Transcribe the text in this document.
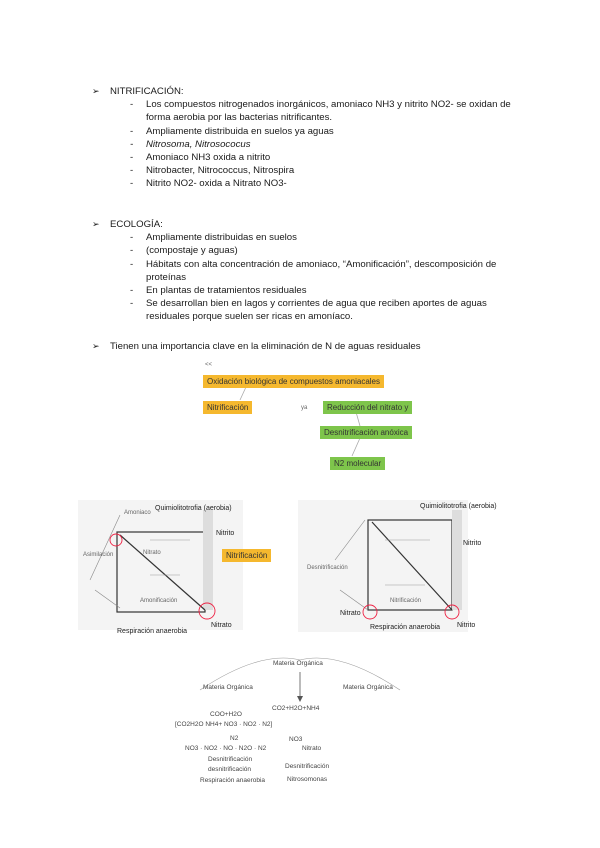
➢	NITRIFICACIÓN:
- Los compuestos nitrogenados inorgánicos, amoniaco NH3 y nitrito NO2- se oxidan de forma aerobia por las bacterias nitrificantes.
- Ampliamente distribuida en suelos ya aguas
- Nitrosoma, Nitrosococus
- Amoniaco NH3 oxida a nitrito
- Nitrobacter, Nitrococcus, Nitrospira
- Nitrito NO2- oxida a Nitrato NO3-
➢	ECOLOGÍA:
- Ampliamente distribuidas en suelos
- (compostaje y aguas)
- Hábitats con alta concentración de amoniaco, “Amonificación”, descomposición de proteínas
- En plantas de tratamientos residuales
- Se desarrollan bien en lagos y corrientes de agua que reciben aportes de aguas residuales porque suelen ser ricas en amoníaco.
➢	Tienen una importancia clave en la eliminación de N de aguas residuales
<<
Oxidación biológica de compuestos amoniacales
Nitrificación	ya	Reducción del nitrato y
Desnitrificación anóxica
N2 molecular
Quimiolitotrofia (aerobia)
Nitrito
Nitrato
Respiración anaerobia
Nitrificación
Amoniaco
Nitrato
Amonificación
Asimilación
Quimiolitotrofia (aerobia)
Nitrito
Nitrito
Nitrato
Respiración anaerobia
Desnitrificación
Nitrificación
Materia Orgánica
Materia Orgánica	Materia Orgánica
CO2+H2O+NH4
COO+H2O
[CO2H2O NH4+ NO3 · NO2 · N2]
N2
NO3 · NO2 · NO · N2O · N2
Desnitrificación
desnitrificación
Respiración anaerobia
NO3
Nitrato
Desnitrificación
Nitrosomonas
